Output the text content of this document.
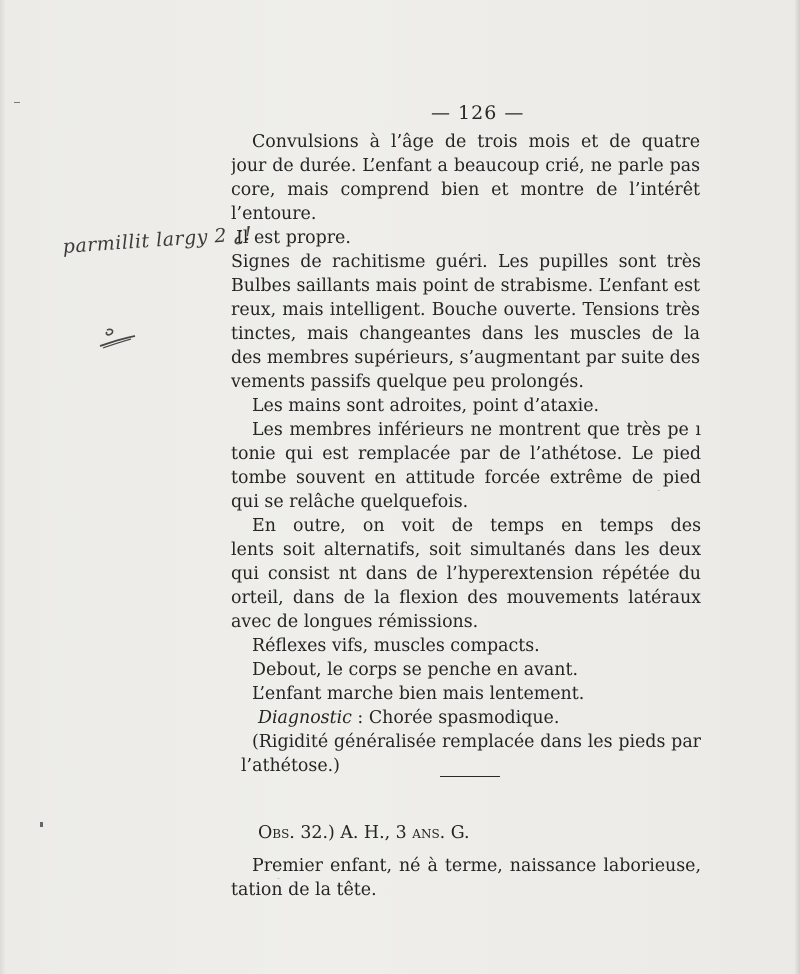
— 126 —
parmillit largy 2 ¿!

Convulsions à l’âge dе trois mois et de quatre

jour de durée. L’enfant a beaucoup crié, ne parle pas

core, mais comprend bien et montre de l’intérêt

l’entoure.

Il est propre.

Signes de rachitisme guéri. Les pupilles sont très

Bulbes saillants mais point de strabisme. L’enfant est

reux, mais intelligent. Bouche ouverte. Tensions très

tinctes, mais changeantes dans les muscles de la

des membres supérieurs, s’augmentant par suite des

vements passifs quelque peu prolongés.

Les mains sont adroites, point d’ataxie.

Les membres inférieurs ne montrent que très pe ı

tonie qui est remplacée par de l’athétose. Le pied

tombe souvent en attitude forcée extrême de pied

qui se relâche quelquefois.

En outre, on voit de temps en temps des

lents soit alternatifs, soit simultanés dans les deux

qui consist nt dans de l’hyperextension répétée du

orteil, dans de la flexion des mouvements latéraux

avec de longues rémissions.

Réflexes vifs, muscles compacts.

Debout, le corps se penche en avant.

L’enfant marche bien mais lentement.

Diagnostic : Chorée spasmodique.

(Rigidité généralisée remplacée dans les pieds par

l’athétose.)

Obs. 32.) A. H., 3 ans. G.

Premier enfant, né à terme, naissance laborieuse,

tation de la tête.
